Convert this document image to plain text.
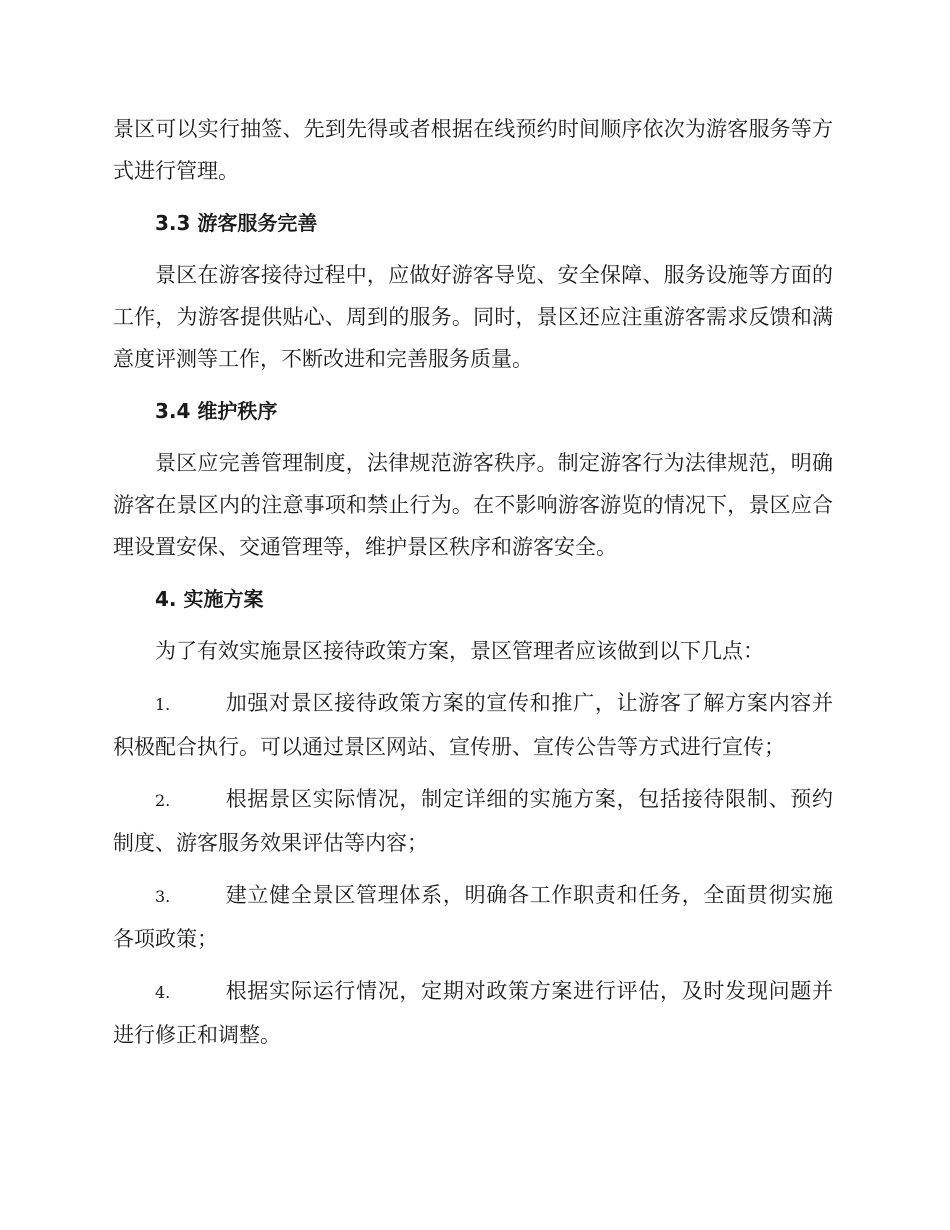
景区可以实行抽签、先到先得或者根据在线预约时间顺序依次为游客服务等方式进行管理。

3.3 游客服务完善

景区在游客接待过程中，应做好游客导览、安全保障、服务设施等方面的工作，为游客提供贴心、周到的服务。同时，景区还应注重游客需求反馈和满意度评测等工作，不断改进和完善服务质量。

3.4 维护秩序

景区应完善管理制度，法律规范游客秩序。制定游客行为法律规范，明确游客在景区内的注意事项和禁止行为。在不影响游客游览的情况下，景区应合理设置安保、交通管理等，维护景区秩序和游客安全。

4. 实施方案

为了有效实施景区接待政策方案，景区管理者应该做到以下几点：

1.	加强对景区接待政策方案的宣传和推广，让游客了解方案内容并积极配合执行。可以通过景区网站、宣传册、宣传公告等方式进行宣传；

2.	根据景区实际情况，制定详细的实施方案，包括接待限制、预约制度、游客服务效果评估等内容；

3.	建立健全景区管理体系，明确各工作职责和任务，全面贯彻实施各项政策；

4.	根据实际运行情况，定期对政策方案进行评估，及时发现问题并进行修正和调整。
